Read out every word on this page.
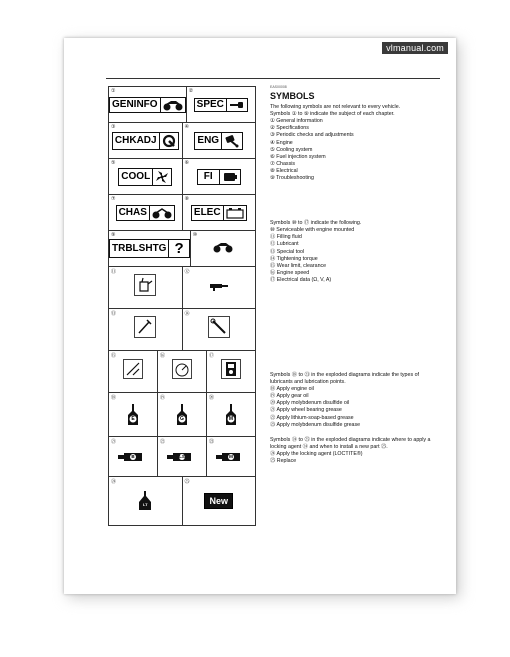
vlmanual.com
①
GEN INFO
②
SPEC
③
CHK ADJ
④
ENG
⑤
COOL
⑥
FI
⑦
CHAS
⑧
ELEC
⑨
TRBL SHTG ?
⑩
⑪	⑫
⑬	⑭
⑮	⑯	⑰
⑱
E
⑲
G
⑳
M
㉑
B
㉒
LS
㉓
M
㉔
LT
㉕
New
EAS00008
SYMBOLS

The following symbols are not relevant to every vehicle.

Symbols ① to ⑨ indicate the subject of each chapter.

① General information
② Specifications
③ Periodic checks and adjustments
④ Engine
⑤ Cooling system
⑥ Fuel injection system
⑦ Chassis
⑧ Electrical
⑨ Troubleshooting

Symbols ⑩ to ⑰ indicate the following.

⑩ Serviceable with engine mounted
⑪ Filling fluid
⑫ Lubricant
⑬ Special tool
⑭ Tightening torque
⑮ Wear limit, clearance
⑯ Engine speed
⑰ Electrical data (Ω, V, A)

Symbols ⑱ to ㉓ in the exploded diagrams indicate the types of lubricants and lubrication points.

⑱ Apply engine oil
⑲ Apply gear oil
⑳ Apply molybdenum disulfide oil
㉑ Apply wheel bearing grease
㉒ Apply lithium-soap-based grease
㉓ Apply molybdenum disulfide grease

Symbols ㉔ to ㉕ in the exploded diagrams indicate where to apply a locking agent ㉔ and when to install a new part ㉕.

㉔ Apply the locking agent (LOCTITE®)
㉕ Replace
